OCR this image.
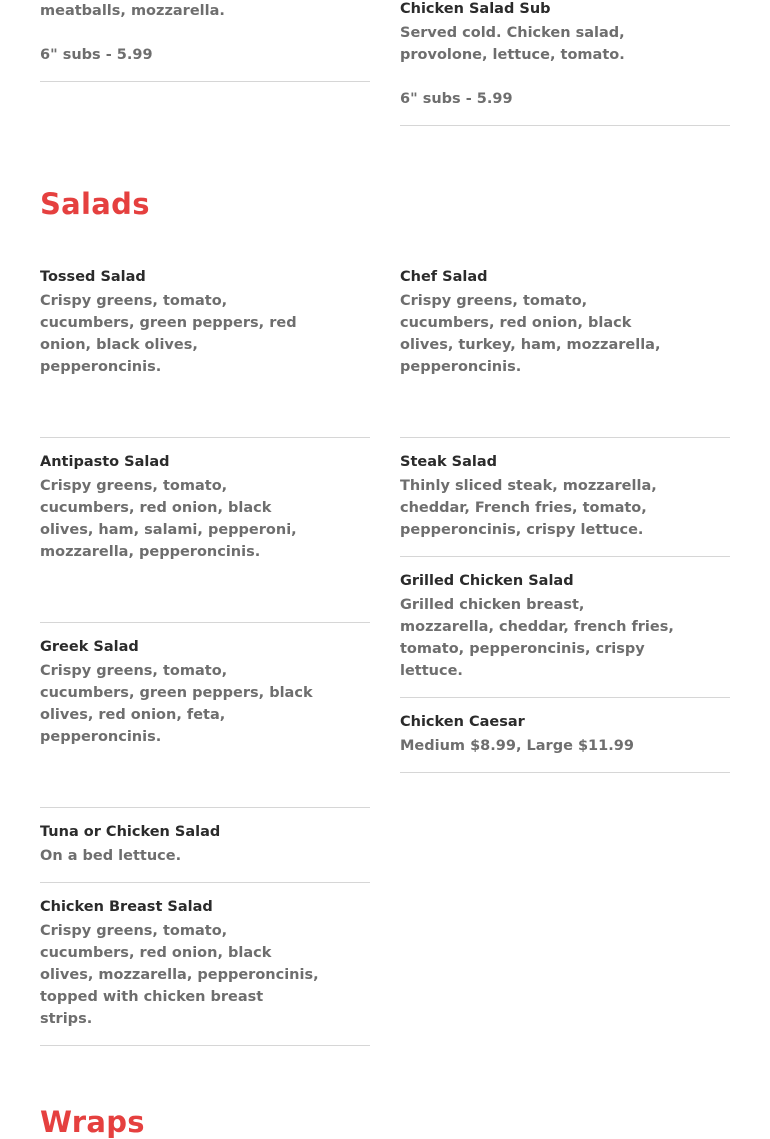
meatballs, mozzarella.
6" subs - 5.99
Chicken Salad Sub
Served cold. Chicken salad,
provolone, lettuce, tomato.
6" subs - 5.99
Salads
Tossed Salad
Crispy greens, tomato,
cucumbers, green peppers, red
onion, black olives,
pepperoncinis.
Antipasto Salad
Crispy greens, tomato,
cucumbers, red onion, black
olives, ham, salami, pepperoni,
mozzarella, pepperoncinis.
Greek Salad
Crispy greens, tomato,
cucumbers, green peppers, black
olives, red onion, feta,
pepperoncinis.
Tuna or Chicken Salad
On a bed lettuce.
Chicken Breast Salad
Crispy greens, tomato,
cucumbers, red onion, black
olives, mozzarella, pepperoncinis,
topped with chicken breast
strips.
Chef Salad
Crispy greens, tomato,
cucumbers, red onion, black
olives, turkey, ham, mozzarella,
pepperoncinis.
Steak Salad
Thinly sliced steak, mozzarella,
cheddar, French fries, tomato,
pepperoncinis, crispy lettuce.
Grilled Chicken Salad
Grilled chicken breast,
mozzarella, cheddar, french fries,
tomato, pepperoncinis, crispy
lettuce.
Chicken Caesar
Medium $8.99, Large $11.99
Wraps
